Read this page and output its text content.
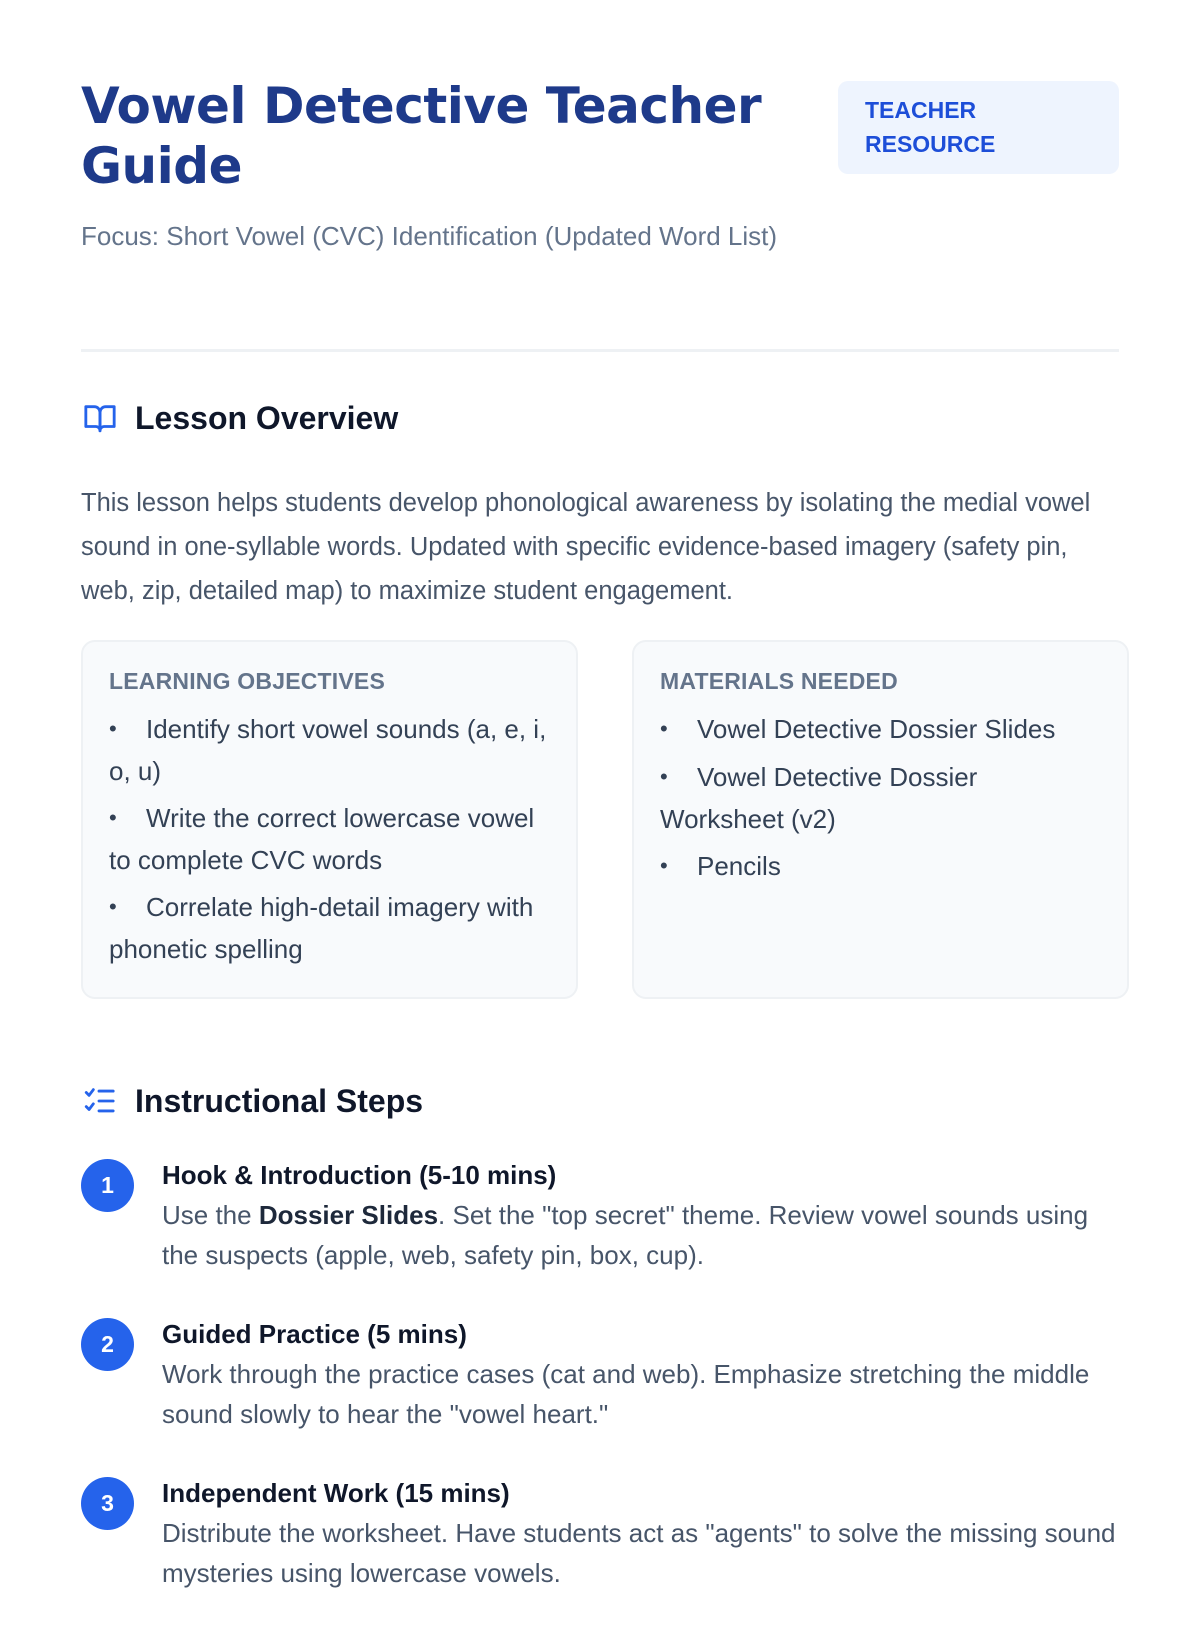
Vowel Detective Teacher Guide

Focus: Short Vowel (CVC) Identification (Updated Word List)

TEACHER RESOURCE
Lesson Overview

This lesson helps students develop phonological awareness by isolating the medial vowel sound in one-syllable words. Updated with specific evidence-based imagery (safety pin, web, zip, detailed map) to maximize student engagement.

LEARNING OBJECTIVES
•Identify short vowel sounds (a, e, i, o, u)
•Write the correct lowercase vowel to complete CVC words
•Correlate high-detail imagery with phonetic spelling
MATERIALS NEEDED
•Vowel Detective Dossier Slides
•Vowel Detective Dossier Worksheet (v2)
•Pencils
Instructional Steps
1	Hook & Introduction (5-10 mins)
Use the Dossier Slides. Set the "top secret" theme. Review vowel sounds using the suspects (apple, web, safety pin, box, cup).
2	Guided Practice (5 mins)
Work through the practice cases (cat and web). Emphasize stretching the middle sound slowly to hear the "vowel heart."
3	Independent Work (15 mins)
Distribute the worksheet. Have students act as "agents" to solve the missing sound mysteries using lowercase vowels.
